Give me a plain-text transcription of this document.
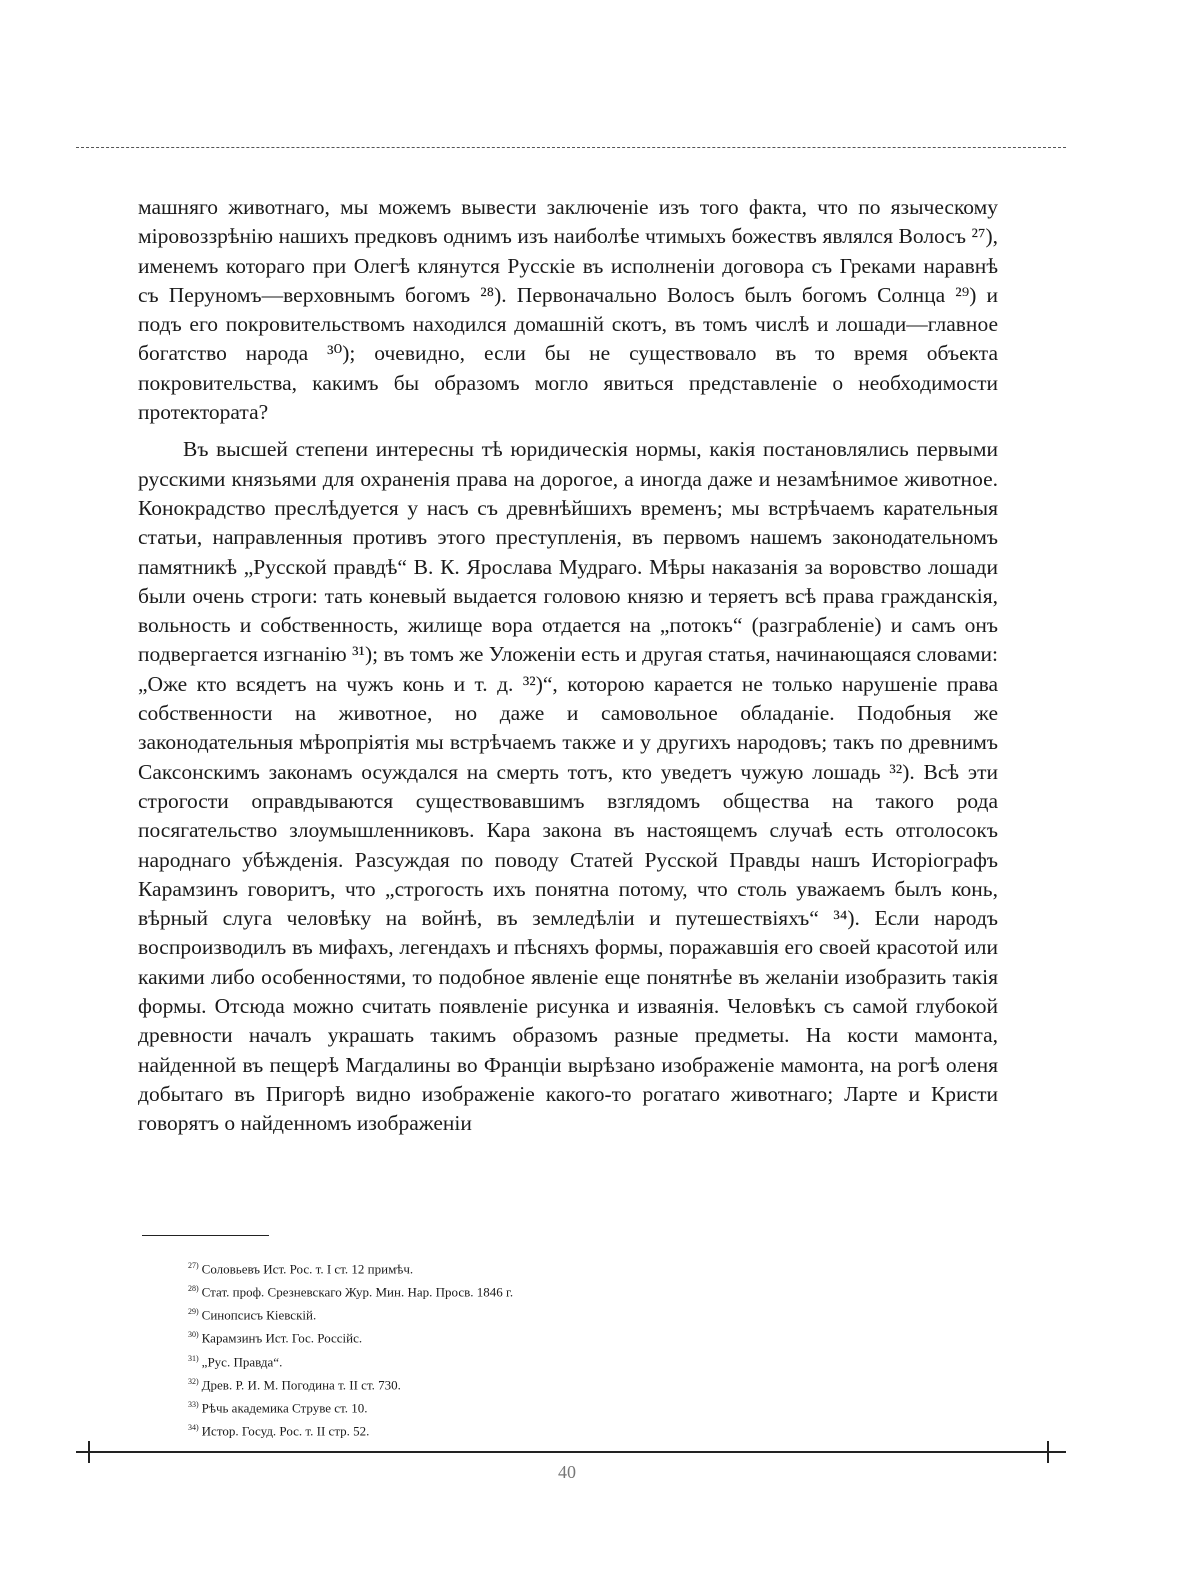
машняго животнаго, мы можемъ вывести заключеніе изъ того факта, что по языческому міровоззрѣнію нашихъ предковъ однимъ изъ наиболѣе чтимыхъ божествъ являлся Волосъ ²⁷), именемъ котораго при Олегѣ клянутся Русскіе въ исполненіи договора съ Греками наравнѣ съ Перуномъ—верховнымъ богомъ ²⁸). Первоначально Волосъ былъ богомъ Солнца ²⁹) и подъ его покровительствомъ находился домашній скотъ, въ томъ числѣ и лошади—главное богатство народа ³⁰); очевидно, если бы не существовало въ то время объекта покровительства, какимъ бы образомъ могло явиться представленіе о необходимости протектората?

Въ высшей степени интересны тѣ юридическія нормы, какія постановлялись первыми русскими князьями для охраненія права на дорогое, а иногда даже и незамѣнимое животное. Конокрадство преслѣдуется у насъ съ древнѣйшихъ временъ; мы встрѣчаемъ карательныя статьи, направленныя противъ этого преступленія, въ первомъ нашемъ законодательномъ памятникѣ „Русской правдѣ“ В. К. Ярослава Мудраго. Мѣры наказанія за воровство лошади были очень строги: тать коневый выдается головою князю и теряетъ всѣ права гражданскія, вольность и собственность, жилище вора отдается на „потокъ“ (разграбленіе) и самъ онъ подвергается изгнанію ³¹); въ томъ же Уложеніи есть и другая статья, начинающаяся словами: „Оже кто всядетъ на чужъ конь и т. д. ³²)“, которою карается не только нарушеніе права собственности на животное, но даже и самовольное обладаніе. Подобныя же законодательныя мѣропріятія мы встрѣчаемъ также и у другихъ народовъ; такъ по древнимъ Саксонскимъ законамъ осуждался на смерть тотъ, кто уведетъ чужую лошадь ³²). Всѣ эти строгости оправдываются существовавшимъ взглядомъ общества на такого рода посягательство злоумышленниковъ. Кара закона въ настоящемъ случаѣ есть отголосокъ народнаго убѣжденія. Разсуждая по поводу Статей Русской Правды нашъ Исторіографъ Карамзинъ говоритъ, что „строгость ихъ понятна потому, что столь уважаемъ былъ конь, вѣрный слуга человѣку на войнѣ, въ земледѣліи и путешествіяхъ“ ³⁴). Если народъ воспроизводилъ въ мифахъ, легендахъ и пѣсняхъ формы, поражавшія его своей красотой или какими либо особенностями, то подобное явленіе еще понятнѣе въ желаніи изобразить такія формы. Отсюда можно считать появленіе рисунка и изваянія. Человѣкъ съ самой глубокой древности началъ украшать такимъ образомъ разные предметы. На кости мамонта, найденной въ пещерѣ Магдалины во Франціи вырѣзано изображеніе мамонта, на рогѣ оленя добытаго въ Пригорѣ видно изображеніе какого-то рогатаго животнаго; Ларте и Кристи говорятъ о найденномъ изображеніи

$^{27)}$ Соловьевъ Ист. Рос. т. I ст. 12 примѣч.
$^{28)}$ Стат. проф. Срезневскаго Жур. Мин. Нар. Просв. 1846 г.
$^{29)}$ Синопсисъ Кіевскій.
$^{30)}$ Карамзинъ Ист. Гос. Россійс.
$^{31)}$ „Рус. Правда“.
$^{32)}$ Древ. Р. И. М. Погодина т. II ст. 730.
$^{33)}$ Рѣчь академика Струве ст. 10.
$^{34)}$ Истор. Госуд. Рос. т. II стр. 52.
40
